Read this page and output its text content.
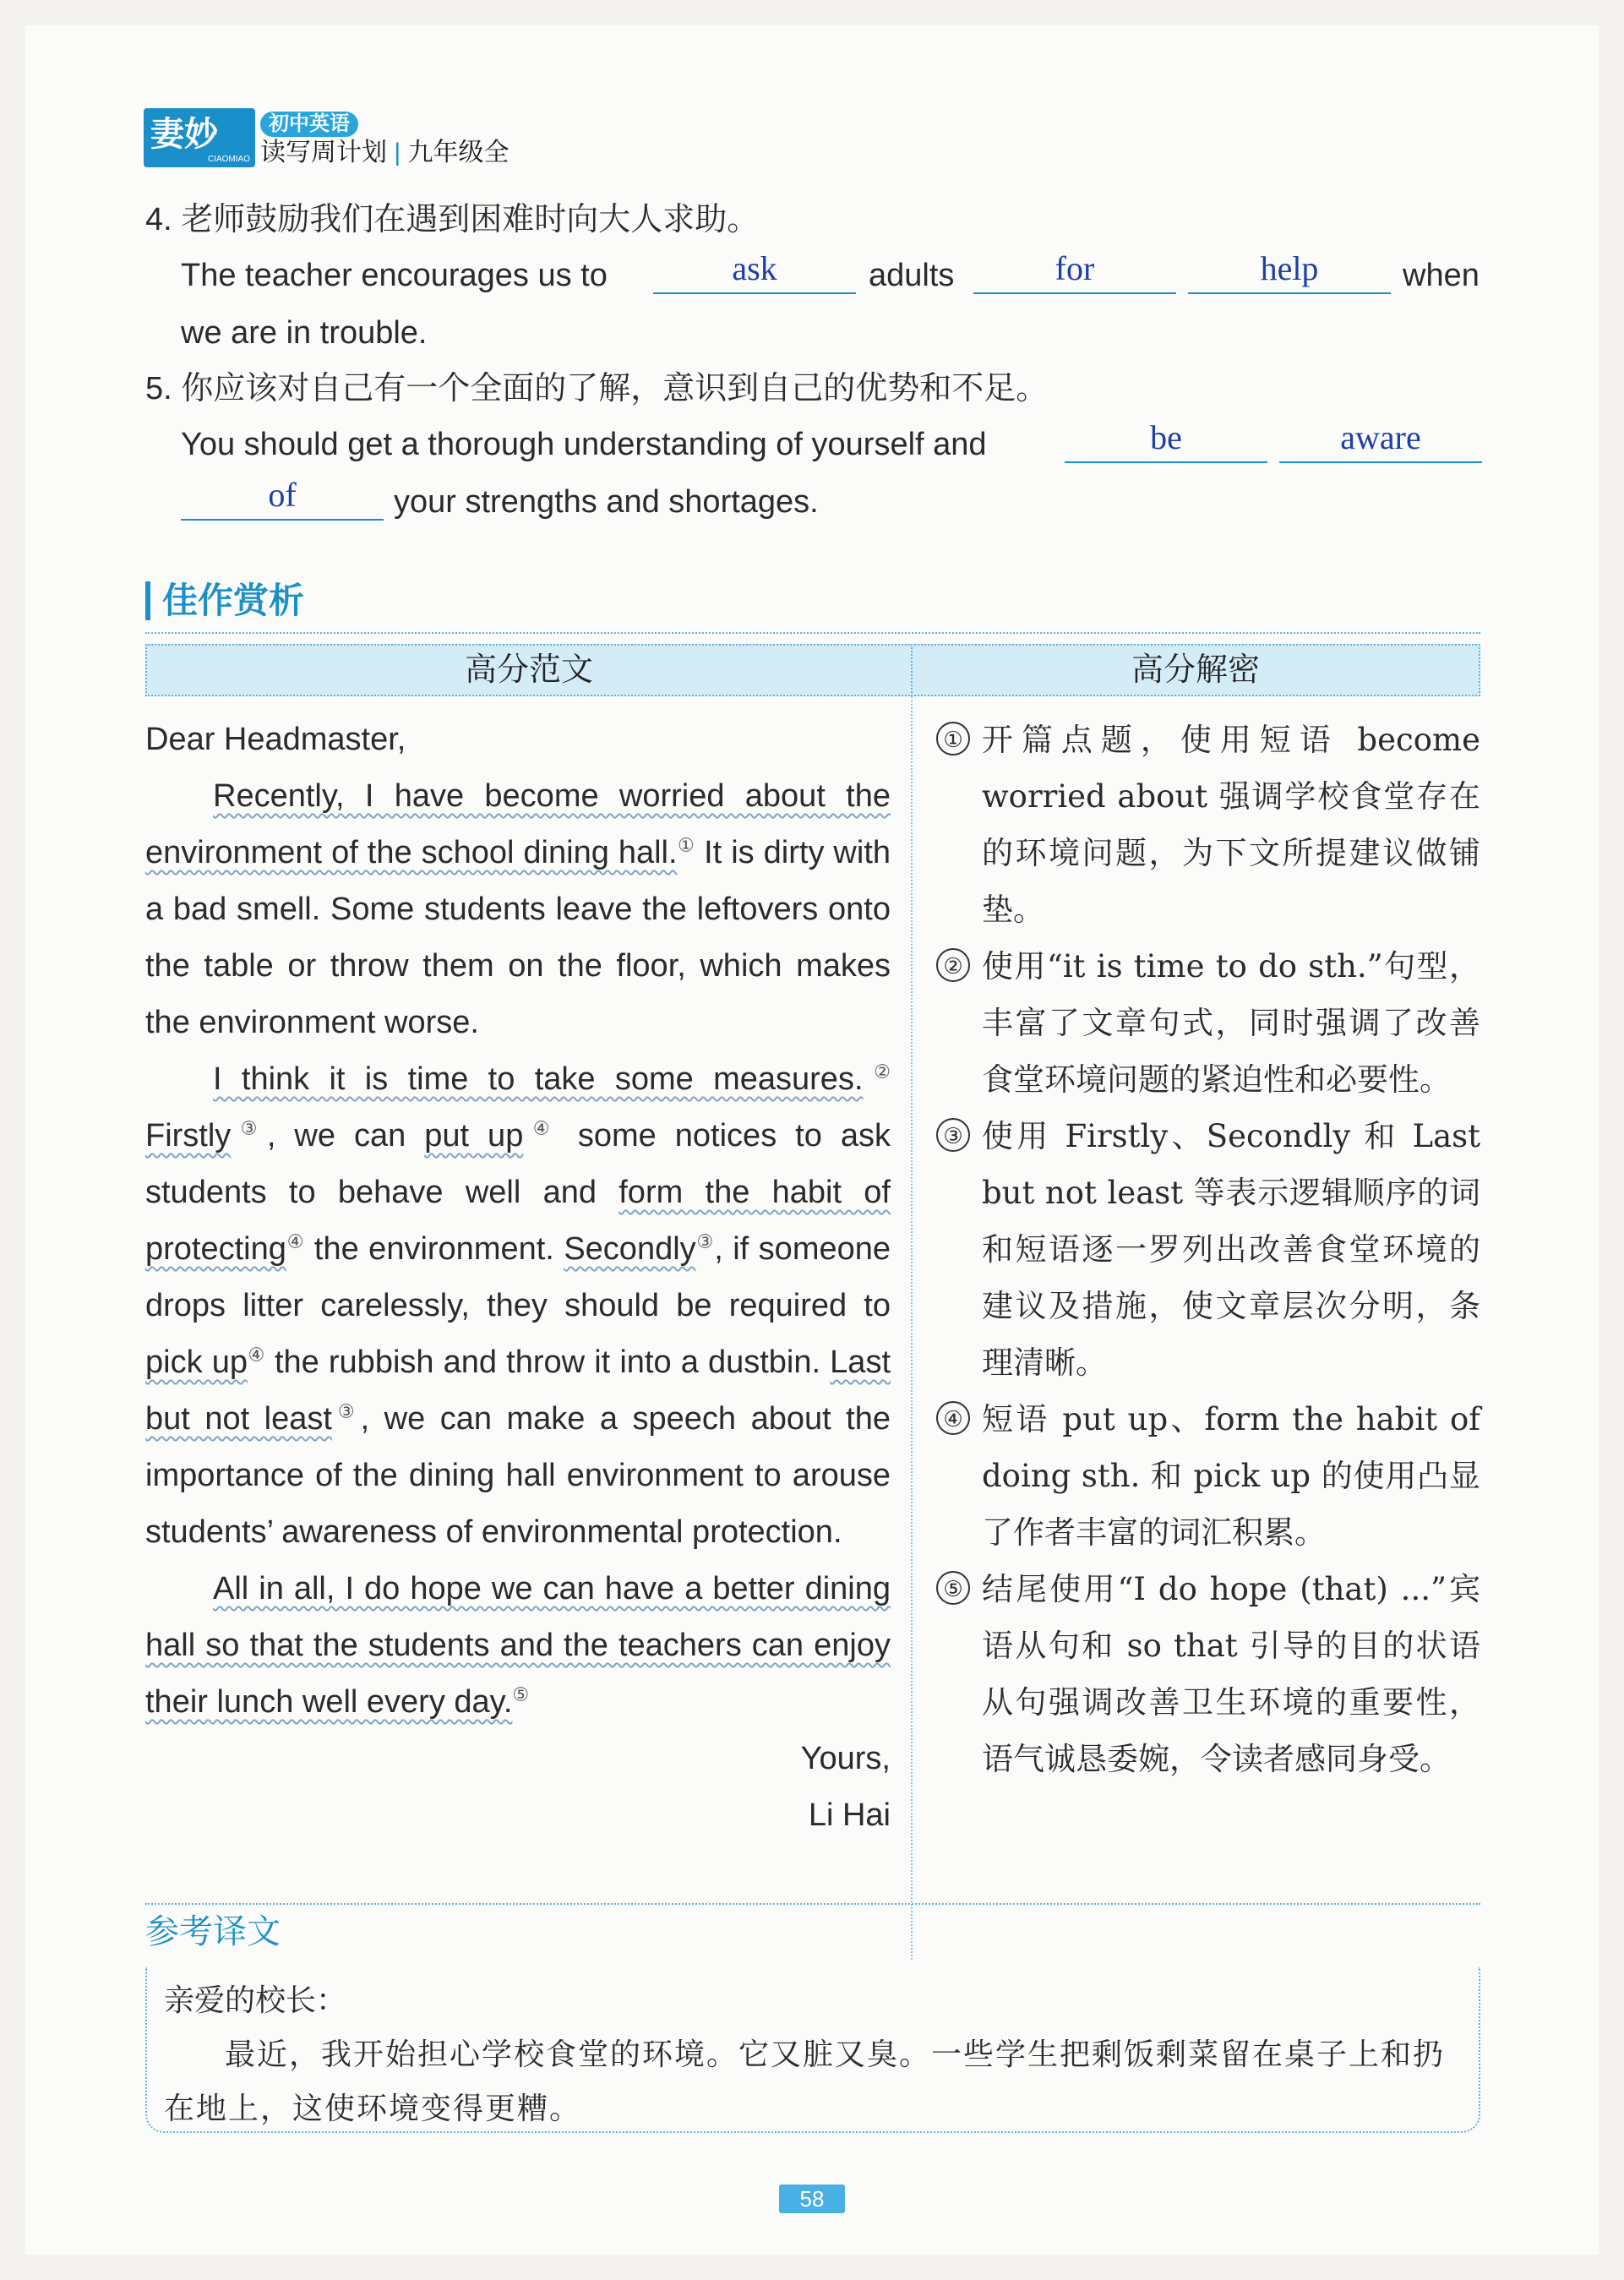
妻妙
CIAOMIAO
初中英语
读写周计划 | 九年级全
4. 老师鼓励我们在遇到困难时向大人求助。
The teacher encourages us to	ask	adults	for	help	when
we are in trouble.
5. 你应该对自己有一个全面的了解，意识到自己的优势和不足。
You should get a thorough understanding of yourself and	be	aware
of	your strengths and shortages.
佳作赏析
高分范文	高分解密

Dear Headmaster,

Recently, I have become worried about the environment of the school dining hall.① It is dirty with a bad smell. Some students leave the leftovers onto the table or throw them on the floor, which makes the environment worse.

I think it is time to take some measures.② Firstly③, we can put up④ some notices to ask students to behave well and form the habit of protecting④ the environment. Secondly③, if someone drops litter carelessly, they should be required to pick up④ the rubbish and throw it into a dustbin. Last but not least③, we can make a speech about the importance of the dining hall environment to arouse students’ awareness of environmental protection.

All in all, I do hope we can have a better dining hall so that the students and the teachers can enjoy their lunch well every day.⑤

Yours,

Li Hai

① 开篇点题，使用短语 become worried about 强调学校食堂存在的环境问题，为下文所提建议做铺垫。
② 使用“it is time to do sth.”句型，丰富了文章句式，同时强调了改善食堂环境问题的紧迫性和必要性。
③ 使用 Firstly、Secondly 和 Last but not least 等表示逻辑顺序的词和短语逐一罗列出改善食堂环境的建议及措施，使文章层次分明，条理清晰。
④ 短语 put up、form the habit of doing sth. 和 pick up 的使用凸显了作者丰富的词汇积累。
⑤ 结尾使用“I do hope (that) ...”宾语从句和 so that 引导的目的状语从句强调改善卫生环境的重要性，语气诚恳委婉，令读者感同身受。
参考译文

亲爱的校长：

最近，我开始担心学校食堂的环境。它又脏又臭。一些学生把剩饭剩菜留在桌子上和扔在地上，这使环境变得更糟。

58
